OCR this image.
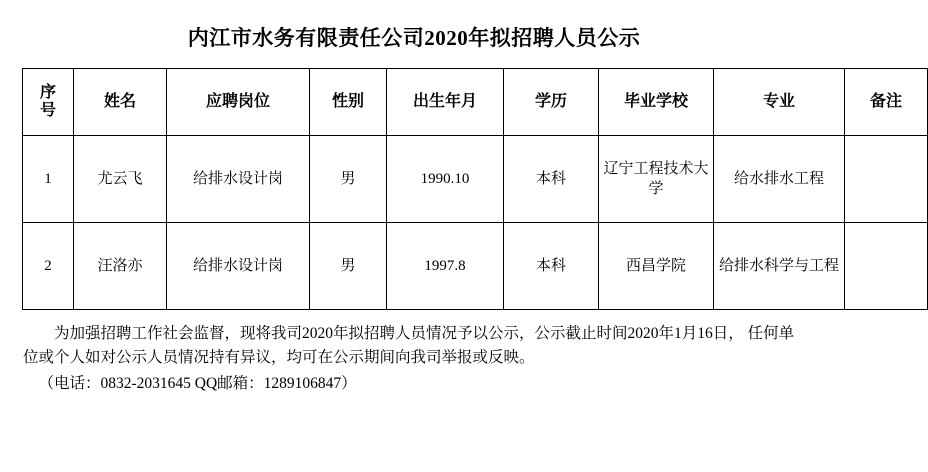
内江市水务有限责任公司2020年拟招聘人员公示
序
号	姓名	应聘岗位	性别	出生年月	学历	毕业学校	专业	备注
1	尤云飞	给排水设计岗	男	1990.10	本科	辽宁工程技术大学	给水排水工程	
2	汪洛亦	给排水设计岗	男	1997.8	本科	西昌学院	给排水科学与工程	

为加强招聘工作社会监督，现将我司2020年拟招聘人员情况予以公示，公示截止时间2020年1月16日， 任何单位或个人如对公示人员情况持有异议，均可在公示期间向我司举报或反映。

（电话：0832-2031645 QQ邮箱：1289106847）
